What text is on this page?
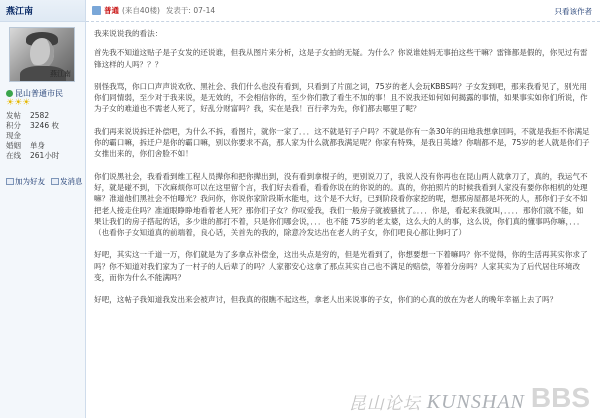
燕江南
燕江南
昆山普通市民
☀☀☀
发帖	2582
积分	3246 枚
现金
婚姻	单身
在线	261小时
加为好友 发消息
普通 (来自40楼) 发表于: 07-14	只看该作者

我来说说我的看法：

首先我不知道这贴子是子女发的还说谁，但我从图片来分析，这是子女拍的无疑。为什么？你说谁娃妈无事拍这些干嘛？雷锋都是假的，你见过有雷锋这样的人吗？？？

别怪我骂，你口口声声说欢欣、黑社会、我们什么也没有看到，只看到了片面之词，75岁的老人会玩KBBS吗？子女发到吧，那来我看见了，别光用你们同情弱，至少对于我来说，是无效的，不会相信你的，至少你们教了看生不加的事！且不说我还如何如何揭露的事情，如果事实如你们所说，作为子女的难道也不需老人死了，好乱分财富吗？我，实在是我！百行孝为先，你们都去哪里了呢？

我们再来说说拆迁补偿吧，为什么不拆，看图片，就你一家了．．．这不就是钉子户吗？不就是你有一条30年的田地我想拿回吗，不就是我拒不你满足你的霸口嘛，拆迁户是你的霸口嘛，别以你要求不高，那人家为什么就都我满足呢？你家有特殊，是我日英雄？你喘都不是，75岁的老人就是你们子女推出来的，你们舍脸不如！

你们说黑社会，我看看到维工程人员撵你和把你撵出到，没有看到拿棍子的，更别说刀了，我说人没有你再也在昆山两人就拿刀了，真的，我运气不好，就是碰不到，下次麻烦你可以在这里留个言，我们好去看看，看看你说在的你说的的。真的，你拍照片的时候我看到人家没有要你你相机的处理嘛？准道他们黑社会不怕曝光？我问你，你说你家阶段斯水能电，这个是不大好，已到阶段看你家挖的呢，想那房屋都是坏死的人，那你们子女不如把老人接走住吗？准道眼睁睁地看着老人死？那你们子女？你叹爱我，我们一般房子就被骚扰了。．．．你是，看起来我就叫，．．．．那你们就不能，如果让我们的房子搭起的话，多少谁的都打不着，只是你们哪会说，．．．也不能 75岁的老太婆，这么大的人的事，这么说，你们真的懂事吗你嘛，．．．（也看你子女知道真的前端着，良心话，关首先的我的，除意冷发达出在老人的子女，你们吧良心都让狗叼了）

好吧，其实这一千道一万，你们就是为了多拿点补偿金，这出头点是穷的，但是光看到了，你想要想一下着嘛吗？你不觉得，你的生活再其实你求了吗？你不知道对我们家为了一村子的人后辈了的吗？人家都安心这拿了那点其实自己也不满足的赔偿，等着分房吗？人家其实为了后代居住环境改变，而你为什么不能满吗？

好吧，这帖子我知道我发出来会被声讨，但我真的很瞧不起这些，拿老人出来说事的子女，你们的心真的放在为老人的晚年幸福上去了吗？

昆山论坛 KUNSHAN BBS
